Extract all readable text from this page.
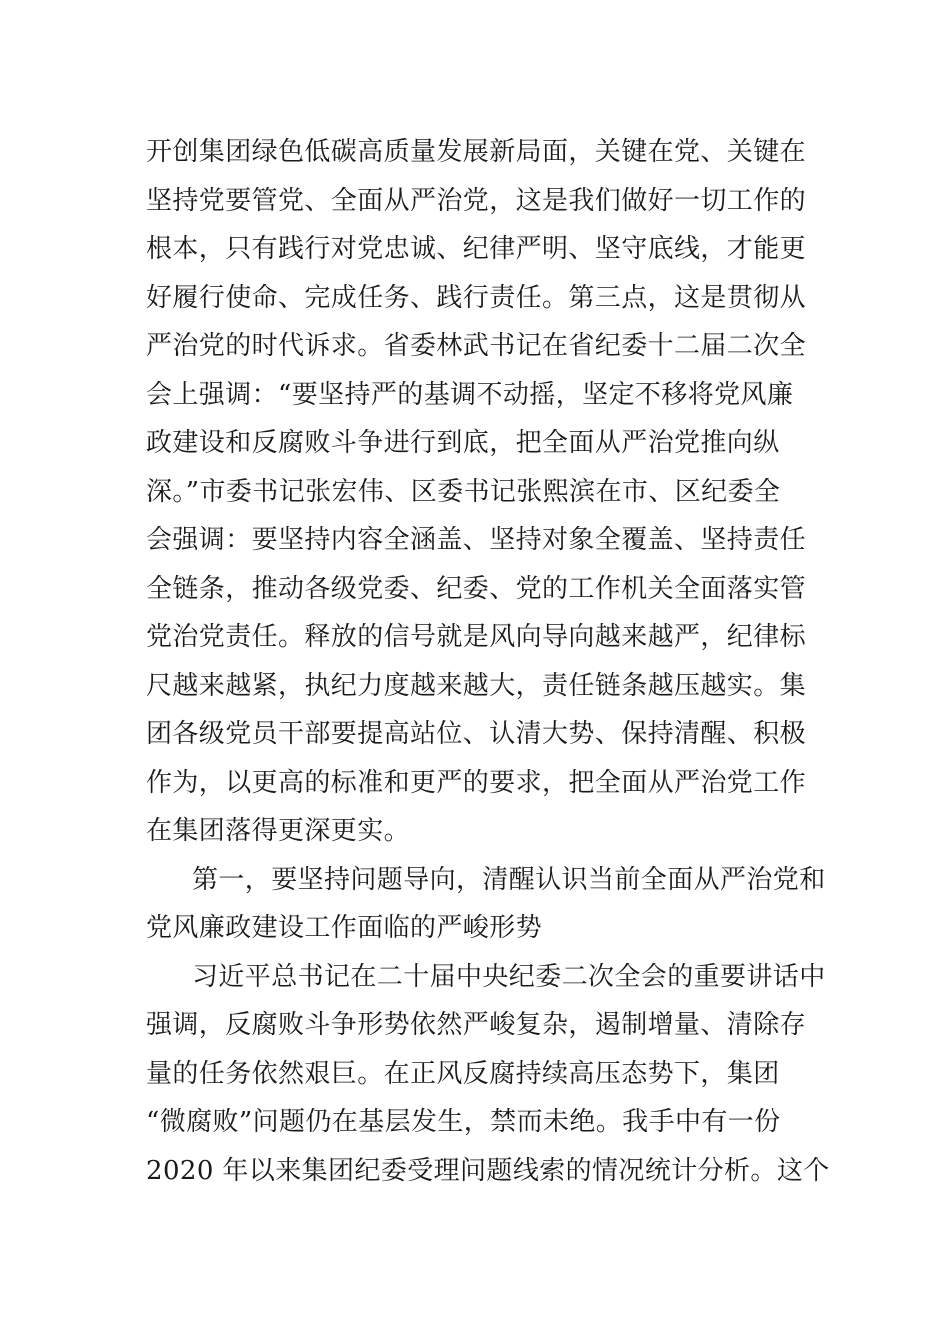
开创集团绿色低碳高质量发展新局面，关键在党、关键在
坚持党要管党、全面从严治党，这是我们做好一切工作的
根本，只有践行对党忠诚、纪律严明、坚守底线，才能更
好履行使命、完成任务、践行责任。第三点，这是贯彻从
严治党的时代诉求。省委林武书记在省纪委十二届二次全
会上强调：“要坚持严的基调不动摇，坚定不移将党风廉
政建设和反腐败斗争进行到底，把全面从严治党推向纵
深。”市委书记张宏伟、区委书记张熙滨在市、区纪委全
会强调：要坚持内容全涵盖、坚持对象全覆盖、坚持责任
全链条，推动各级党委、纪委、党的工作机关全面落实管
党治党责任。释放的信号就是风向导向越来越严，纪律标
尺越来越紧，执纪力度越来越大，责任链条越压越实。集
团各级党员干部要提高站位、认清大势、保持清醒、积极
作为，以更高的标准和更严的要求，把全面从严治党工作
在集团落得更深更实。
第一，要坚持问题导向，清醒认识当前全面从严治党和
党风廉政建设工作面临的严峻形势
习近平总书记在二十届中央纪委二次全会的重要讲话中
强调，反腐败斗争形势依然严峻复杂，遏制增量、清除存
量的任务依然艰巨。在正风反腐持续高压态势下，集团
“微腐败”问题仍在基层发生，禁而未绝。我手中有一份
2020 年以来集团纪委受理问题线索的情况统计分析。这个
